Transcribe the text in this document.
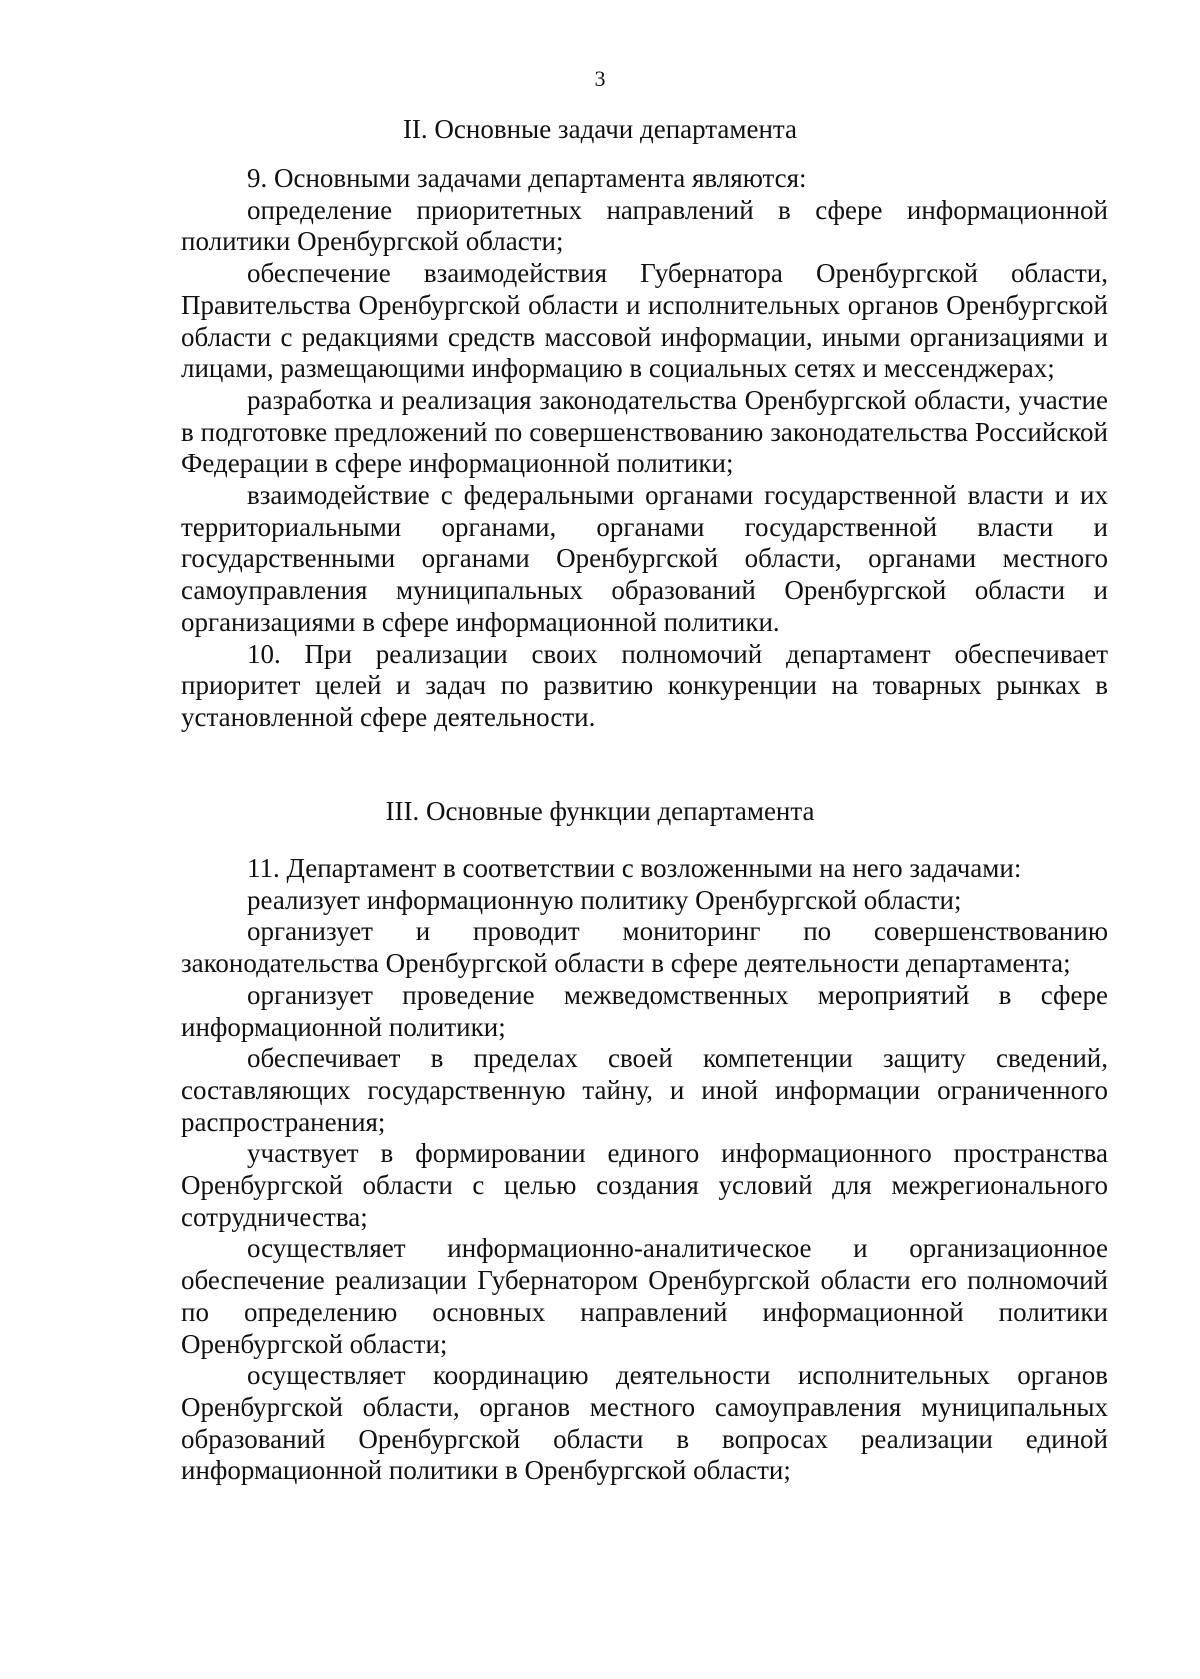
3
II. Основные задачи департамента

9. Основными задачами департамента являются:

определение приоритетных направлений в сфере информационной политики Оренбургской области;

обеспечение взаимодействия Губернатора Оренбургской области, Правительства Оренбургской области и исполнительных органов Оренбургской области с редакциями средств массовой информации, иными организациями и лицами, размещающими информацию в социальных сетях и мессенджерах;

разработка и реализация законодательства Оренбургской области, участие в подготовке предложений по совершенствованию законодательства Российской Федерации в сфере информационной политики;

взаимодействие с федеральными органами государственной власти и их территориальными органами, органами государственной власти и государственными органами Оренбургской области, органами местного самоуправления муниципальных образований Оренбургской области и организациями в сфере информационной политики.

10. При реализации своих полномочий департамент обеспечивает приоритет целей и задач по развитию конкуренции на товарных рынках в установленной сфере деятельности.

III. Основные функции департамента

11. Департамент в соответствии с возложенными на него задачами:

реализует информационную политику Оренбургской области;

организует и проводит мониторинг по совершенствованию законодательства Оренбургской области в сфере деятельности департамента;

организует проведение межведомственных мероприятий в сфере информационной политики;

обеспечивает в пределах своей компетенции защиту сведений, составляющих государственную тайну, и иной информации ограниченного распространения;

участвует в формировании единого информационного пространства Оренбургской области с целью создания условий для межрегионального сотрудничества;

осуществляет информационно-аналитическое и организационное обеспечение реализации Губернатором Оренбургской области его полномочий по определению основных направлений информационной политики Оренбургской области;

осуществляет координацию деятельности исполнительных органов Оренбургской области, органов местного самоуправления муниципальных образований Оренбургской области в вопросах реализации единой информационной политики в Оренбургской области;
